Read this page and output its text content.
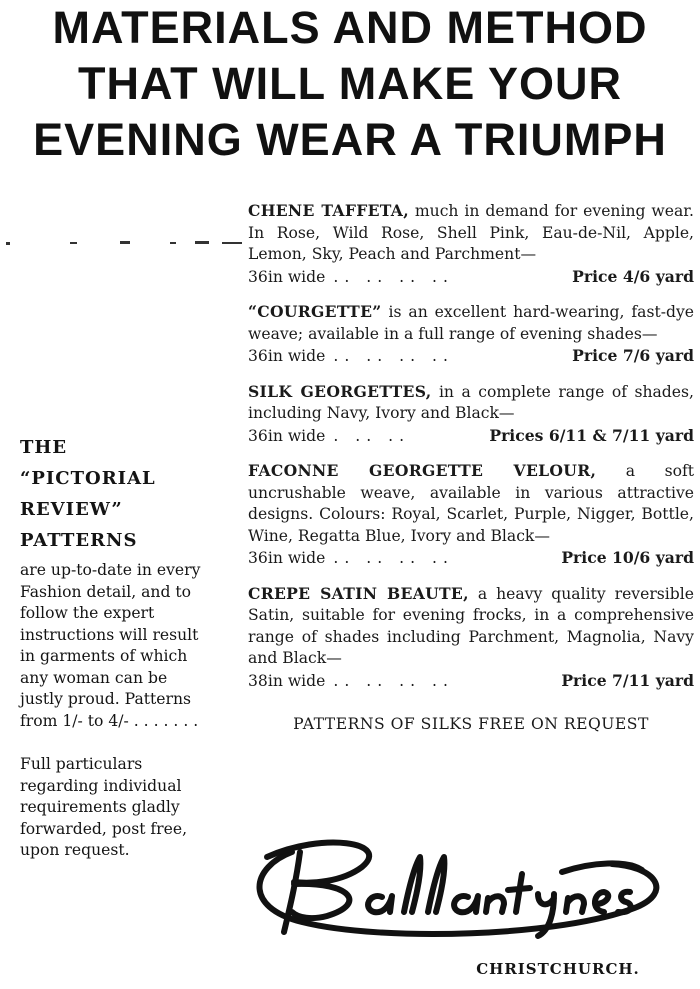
MATERIALS AND METHOD
THAT WILL MAKE YOUR
EVENING WEAR A TRIUMPH
CHENE TAFFETA, much in demand for evening wear. In Rose, Wild Rose, Shell Pink, Eau-de-Nil, Apple, Lemon, Sky, Peach and Parchment—
36in wide .. .. .. ..	Price 4/6 yard
“COURGETTE” is an excellent hard-wearing, fast-dye weave; available in a full range of evening shades—
36in wide .. .. .. ..	Price 7/6 yard
SILK GEORGETTES, in a complete range of shades, including Navy, Ivory and Black—
36in wide . .. ..	Prices 6/11 & 7/11 yard
FACONNE GEORGETTE VELOUR, a soft uncrushable weave, available in various attractive designs. Colours: Royal, Scarlet, Purple, Nigger, Bottle, Wine, Regatta Blue, Ivory and Black—
36in wide .. .. .. ..	Price 10/6 yard
CREPE SATIN BEAUTE, a heavy quality reversible Satin, suitable for evening frocks, in a comprehensive range of shades including Parchment, Magnolia, Navy and Black—
38in wide .. .. .. ..	Price 7/11 yard
PATTERNS OF SILKS FREE ON REQUEST
THE
“PICTORIAL
REVIEW”
PATTERNS
are up-to-date in every Fashion detail, and to follow the expert instructions will result in garments of which any woman can be justly proud. Patterns from 1/- to 4/- . . . . . . .
Full particulars regarding individual requirements gladly forwarded, post free, upon request.
CHRISTCHURCH.
